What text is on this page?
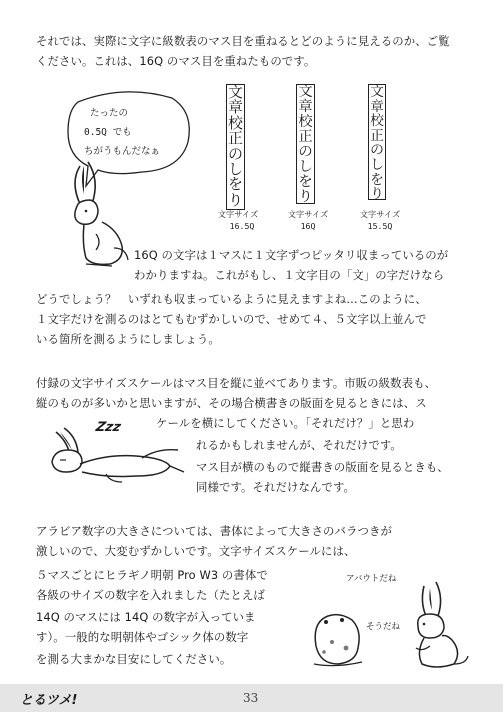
それでは、実際に文字に級数表のマス目を重ねるとどのように見えるのか、ご覧
ください。これは、16Q のマス目を重ねたものです。
たったの
0.5Q でも
ちがうもんだなぁ
文章校正のしをり
文章校正のしをり
文章校正のしをり
文字サイズ
16.5Q
文字サイズ
16Q
文字サイズ
15.5Q
16Q の文字は１マスに１文字ずつピッタリ収まっているのが
わかりますね。これがもし、１文字目の「文」の字だけなら
どうでしょう？　いずれも収まっているように見えますよね…このように、
１文字だけを測るのはとてもむずかしいので、せめて４、５文字以上並んで
いる箇所を測るようにしましょう。
付録の文字サイズスケールはマス目を縦に並べてあります。市販の級数表も、
縦のものが多いかと思いますが、その場合横書きの版面を見るときには、ス
ケールを横にしてください。「それだけ？」と思わ
れるかもしれませんが、それだけです。
マス目が横のもので縦書きの版面を見るときも、
同様です。それだけなんです。
Zzz
アラビア数字の大きさについては、書体によって大きさのバラつきが
激しいので、大変むずかしいです。文字サイズスケールには、
５マスごとにヒラギノ明朝 Pro W3 の書体で
各級のサイズの数字を入れました（たとえば
14Q のマスには 14Q の数字が入っていま
す）。一般的な明朝体やゴシック体の数字
を測る大まかな目安にしてください。
アバウトだね
そうだね
とるツメ!	33
